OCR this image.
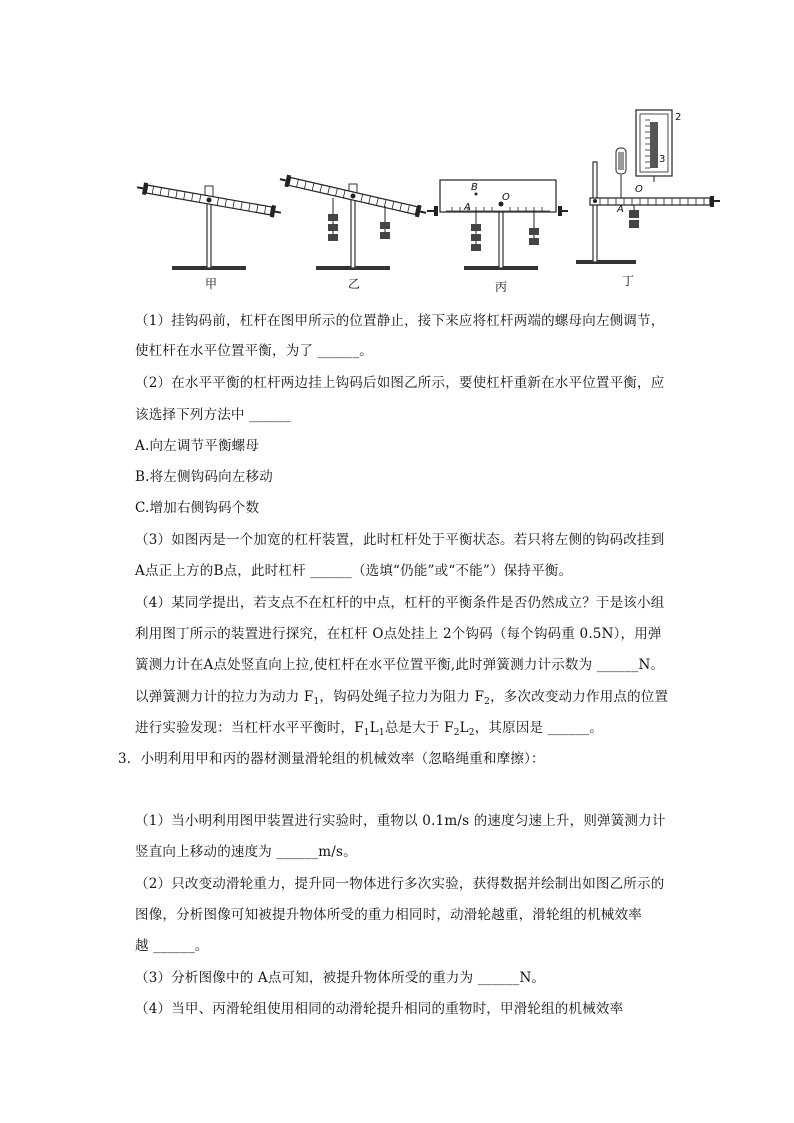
B
A
O
O
A
2
3
甲	乙	丙	丁
（1）挂钩码前，杠杆在图甲所示的位置静止，接下来应将杠杆两端的螺母向左侧调节，
使杠杆在水平位置平衡，为了 ______。
（2）在水平平衡的杠杆两边挂上钩码后如图乙所示，要使杠杆重新在水平位置平衡，应
该选择下列方法中 ______
A.向左调节平衡螺母
B.将左侧钩码向左移动
C.增加右侧钩码个数
（3）如图丙是一个加宽的杠杆装置，此时杠杆处于平衡状态。若只将左侧的钩码改挂到
A点正上方的B点，此时杠杆 ______（选填“仍能”或“不能”）保持平衡。
（4）某同学提出，若支点不在杠杆的中点，杠杆的平衡条件是否仍然成立？于是该小组
利用图丁所示的装置进行探究，在杠杆 O点处挂上 2个钩码（每个钩码重 0.5N），用弹
簧测力计在A点处竖直向上拉,使杠杆在水平位置平衡,此时弹簧测力计示数为 ______N。
以弹簧测力计的拉力为动力 $F_1$，钩码处绳子拉力为阻力 $F_2$，多次改变动力作用点的位置
进行实验发现：当杠杆水平平衡时，$F_1L_1$总是大于 $F_2L_2$，其原因是 ______。
3．小明利用甲和丙的器材测量滑轮组的机械效率（忽略绳重和摩擦）：
（1）当小明利用图甲装置进行实验时，重物以 0.1m/s 的速度匀速上升，则弹簧测力计
竖直向上移动的速度为 ______m/s。
（2）只改变动滑轮重力，提升同一物体进行多次实验，获得数据并绘制出如图乙所示的
图像，分析图像可知被提升物体所受的重力相同时，动滑轮越重，滑轮组的机械效率
越 ______。
（3）分析图像中的 A点可知，被提升物体所受的重力为 ______N。
（4）当甲、丙滑轮组使用相同的动滑轮提升相同的重物时，甲滑轮组的机械效率
